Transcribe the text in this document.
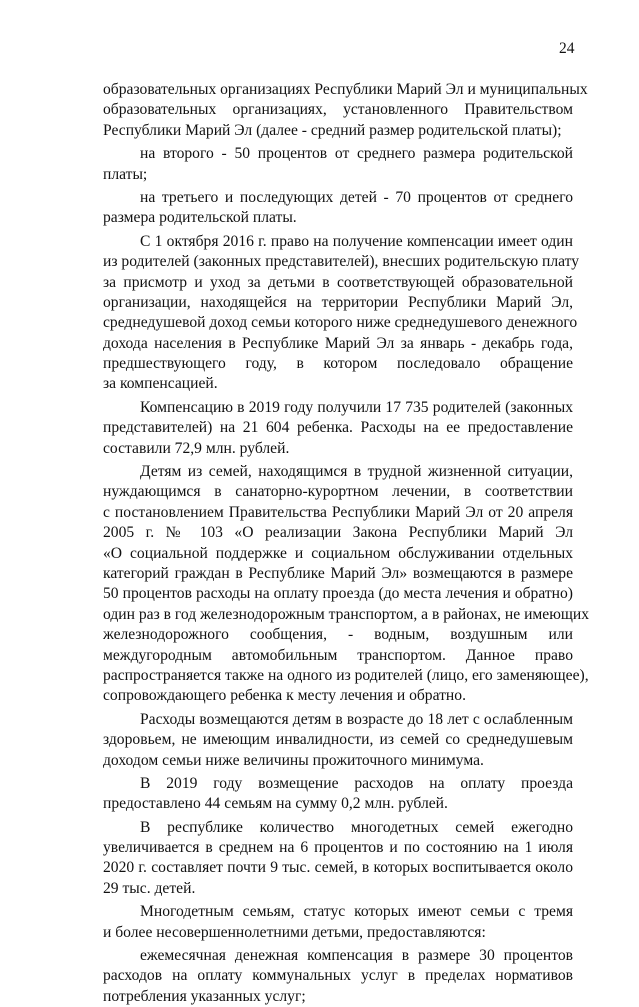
24
образовательных организациях Республики Марий Эл и муниципальных
образовательных организациях, установленного Правительством
Республики Марий Эл (далее - средний размер родительской платы);
на второго - 50 процентов от среднего размера родительской
платы;
на третьего и последующих детей - 70 процентов от среднего
размера родительской платы.
С 1 октября 2016 г. право на получение компенсации имеет один
из родителей (законных представителей), внесших родительскую плату
за присмотр и уход за детьми в соответствующей образовательной
организации, находящейся на территории Республики Марий Эл,
среднедушевой доход семьи которого ниже среднедушевого денежного
дохода населения в Республике Марий Эл за январь - декабрь года,
предшествующего году, в котором последовало обращение
за компенсацией.
Компенсацию в 2019 году получили 17 735 родителей (законных
представителей) на 21 604 ребенка. Расходы на ее предоставление
составили 72,9 млн. рублей.
Детям из семей, находящимся в трудной жизненной ситуации,
нуждающимся в санаторно-курортном лечении, в соответствии
с постановлением Правительства Республики Марий Эл от 20 апреля
2005 г. № 103 «О реализации Закона Республики Марий Эл
«О социальной поддержке и социальном обслуживании отдельных
категорий граждан в Республике Марий Эл» возмещаются в размере
50 процентов расходы на оплату проезда (до места лечения и обратно)
один раз в год железнодорожным транспортом, а в районах, не имеющих
железнодорожного сообщения, - водным, воздушным или
междугородным автомобильным транспортом. Данное право
распространяется также на одного из родителей (лицо, его заменяющее),
сопровождающего ребенка к месту лечения и обратно.
Расходы возмещаются детям в возрасте до 18 лет с ослабленным
здоровьем, не имеющим инвалидности, из семей со среднедушевым
доходом семьи ниже величины прожиточного минимума.
В 2019 году возмещение расходов на оплату проезда
предоставлено 44 семьям на сумму 0,2 млн. рублей.
В республике количество многодетных семей ежегодно
увеличивается в среднем на 6 процентов и по состоянию на 1 июля
2020 г. составляет почти 9 тыс. семей, в которых воспитывается около
29 тыс. детей.
Многодетным семьям, статус которых имеют семьи с тремя
и более несовершеннолетними детьми, предоставляются:
ежемесячная денежная компенсация в размере 30 процентов
расходов на оплату коммунальных услуг в пределах нормативов
потребления указанных услуг;
